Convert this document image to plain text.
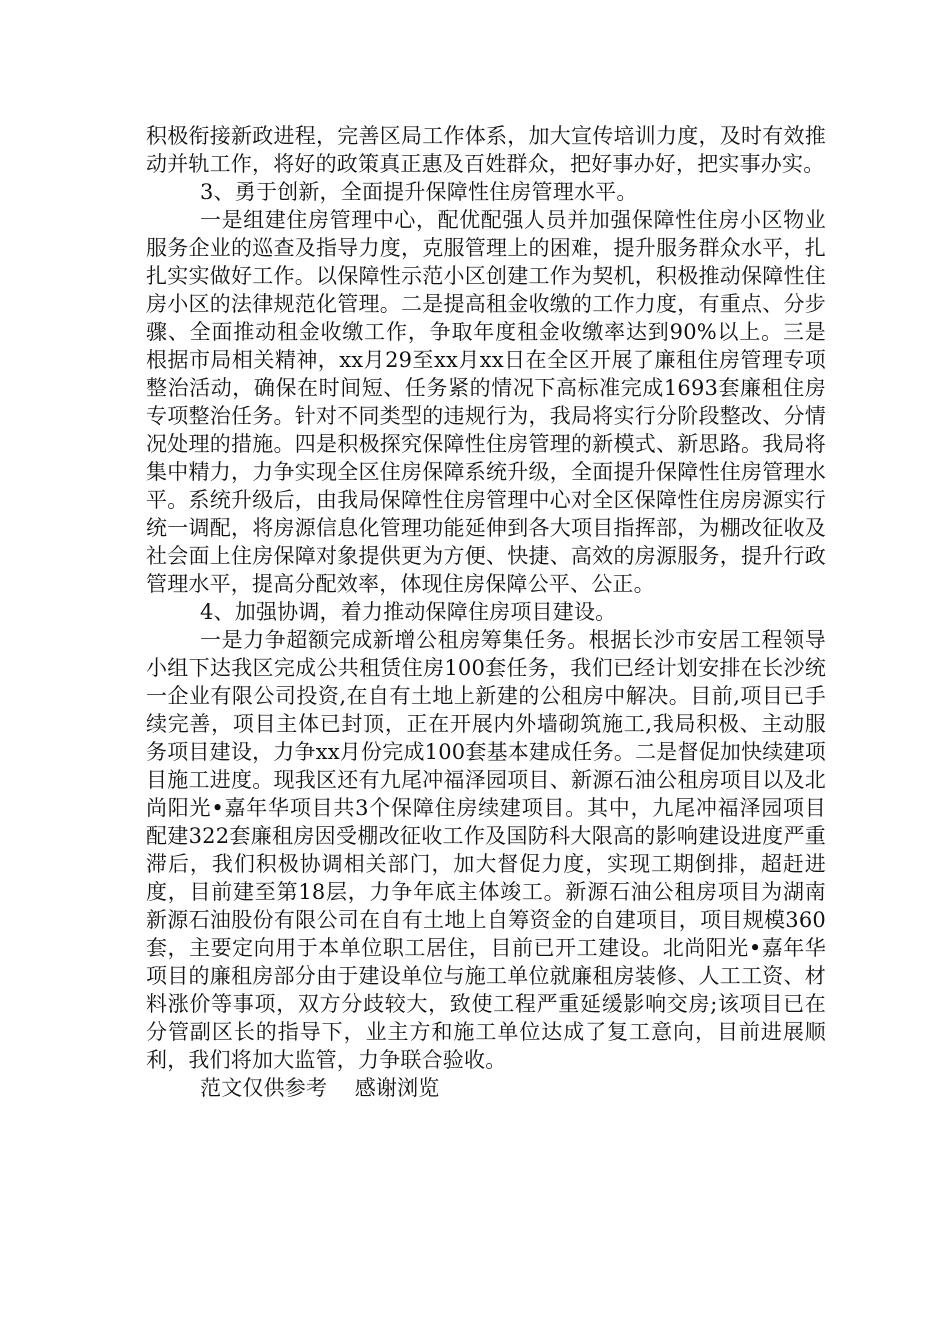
积极衔接新政进程，完善区局工作体系，加大宣传培训力度，及时有效推动并轨工作，将好的政策真正惠及百姓群众，把好事办好，把实事办实。

3、勇于创新，全面提升保障性住房管理水平。

一是组建住房管理中心，配优配强人员并加强保障性住房小区物业服务企业的巡查及指导力度，克服管理上的困难，提升服务群众水平，扎扎实实做好工作。以保障性示范小区创建工作为契机，积极推动保障性住房小区的法律规范化管理。二是提高租金收缴的工作力度，有重点、分步骤、全面推动租金收缴工作，争取年度租金收缴率达到90%以上。三是根据市局相关精神，xx月29至xx月xx日在全区开展了廉租住房管理专项整治活动，确保在时间短、任务紧的情况下高标准完成1693套廉租住房专项整治任务。针对不同类型的违规行为，我局将实行分阶段整改、分情况处理的措施。四是积极探究保障性住房管理的新模式、新思路。我局将集中精力，力争实现全区住房保障系统升级，全面提升保障性住房管理水平。系统升级后，由我局保障性住房管理中心对全区保障性住房房源实行统一调配，将房源信息化管理功能延伸到各大项目指挥部，为棚改征收及社会面上住房保障对象提供更为方便、快捷、高效的房源服务，提升行政管理水平，提高分配效率，体现住房保障公平、公正。

4、加强协调，着力推动保障住房项目建设。

一是力争超额完成新增公租房筹集任务。根据长沙市安居工程领导小组下达我区完成公共租赁住房100套任务，我们已经计划安排在长沙统一企业有限公司投资,在自有土地上新建的公租房中解决。目前,项目已手续完善，项目主体已封顶，正在开展内外墙砌筑施工,我局积极、主动服务项目建设，力争xx月份完成100套基本建成任务。二是督促加快续建项目施工进度。现我区还有九尾冲福泽园项目、新源石油公租房项目以及北尚阳光•嘉年华项目共3个保障住房续建项目。其中，九尾冲福泽园项目配建322套廉租房因受棚改征收工作及国防科大限高的影响建设进度严重滞后，我们积极协调相关部门，加大督促力度，实现工期倒排，超赶进度，目前建至第18层，力争年底主体竣工。新源石油公租房项目为湖南新源石油股份有限公司在自有土地上自筹资金的自建项目，项目规模360套，主要定向用于本单位职工居住，目前已开工建设。北尚阳光•嘉年华项目的廉租房部分由于建设单位与施工单位就廉租房装修、人工工资、材料涨价等事项，双方分歧较大，致使工程严重延缓影响交房;该项目已在分管副区长的指导下，业主方和施工单位达成了复工意向，目前进展顺利，我们将加大监管，力争联合验收。

范文仅供参考    感谢浏览
